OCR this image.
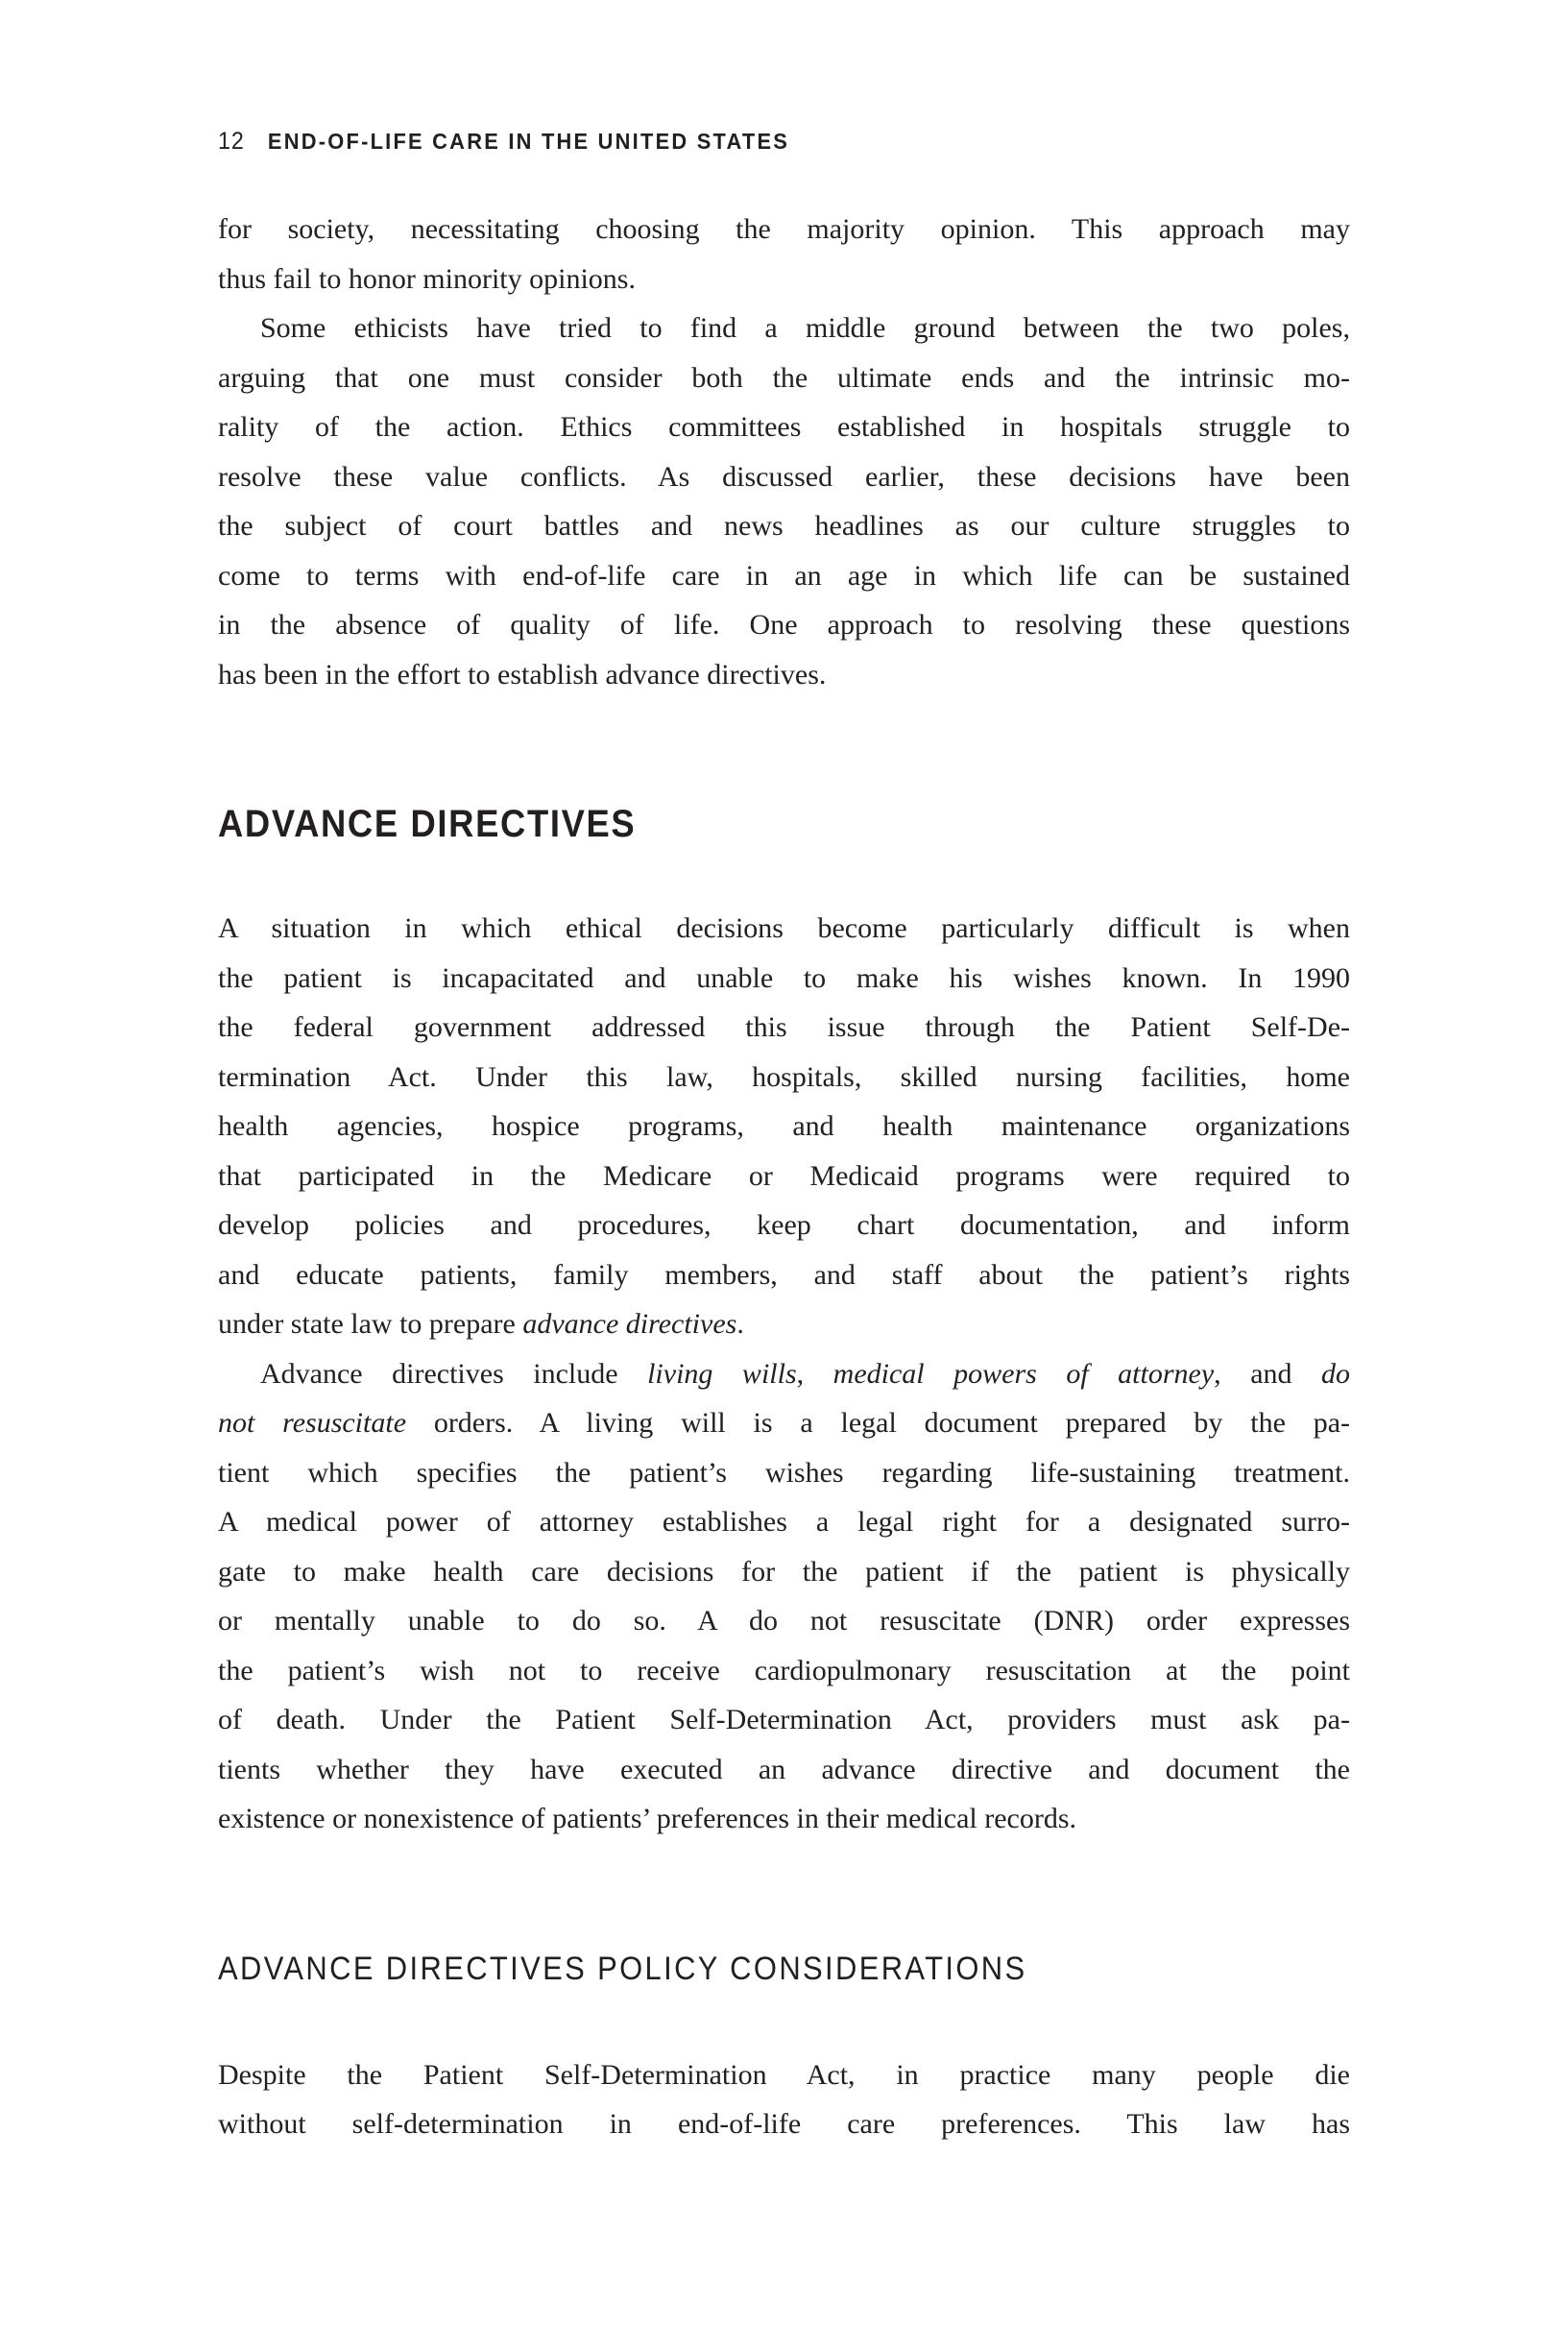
12 END-OF-LIFE CARE IN THE UNITED STATES
for society, necessitating choosing the majority opinion. This approach may
thus fail to honor minority opinions.
Some ethicists have tried to find a middle ground between the two poles,
arguing that one must consider both the ultimate ends and the intrinsic mo-
rality of the action. Ethics committees established in hospitals struggle to
resolve these value conflicts. As discussed earlier, these decisions have been
the subject of court battles and news headlines as our culture struggles to
come to terms with end-of-life care in an age in which life can be sustained
in the absence of quality of life. One approach to resolving these questions
has been in the effort to establish advance directives.
ADVANCE DIRECTIVES
A situation in which ethical decisions become particularly difficult is when
the patient is incapacitated and unable to make his wishes known. In 1990
the federal government addressed this issue through the Patient Self-De-
termination Act. Under this law, hospitals, skilled nursing facilities, home
health agencies, hospice programs, and health maintenance organizations
that participated in the Medicare or Medicaid programs were required to
develop policies and procedures, keep chart documentation, and inform
and educate patients, family members, and staff about the patient’s rights
under state law to prepare advance directives.
Advance directives include living wills, medical powers of attorney, and do
not resuscitate orders. A living will is a legal document prepared by the pa-
tient which specifies the patient’s wishes regarding life-sustaining treatment.
A medical power of attorney establishes a legal right for a designated surro-
gate to make health care decisions for the patient if the patient is physically
or mentally unable to do so. A do not resuscitate (DNR) order expresses
the patient’s wish not to receive cardiopulmonary resuscitation at the point
of death. Under the Patient Self-Determination Act, providers must ask pa-
tients whether they have executed an advance directive and document the
existence or nonexistence of patients’ preferences in their medical records.
ADVANCE DIRECTIVES POLICY CONSIDERATIONS
Despite the Patient Self-Determination Act, in practice many people die
without self-determination in end-of-life care preferences. This law has
